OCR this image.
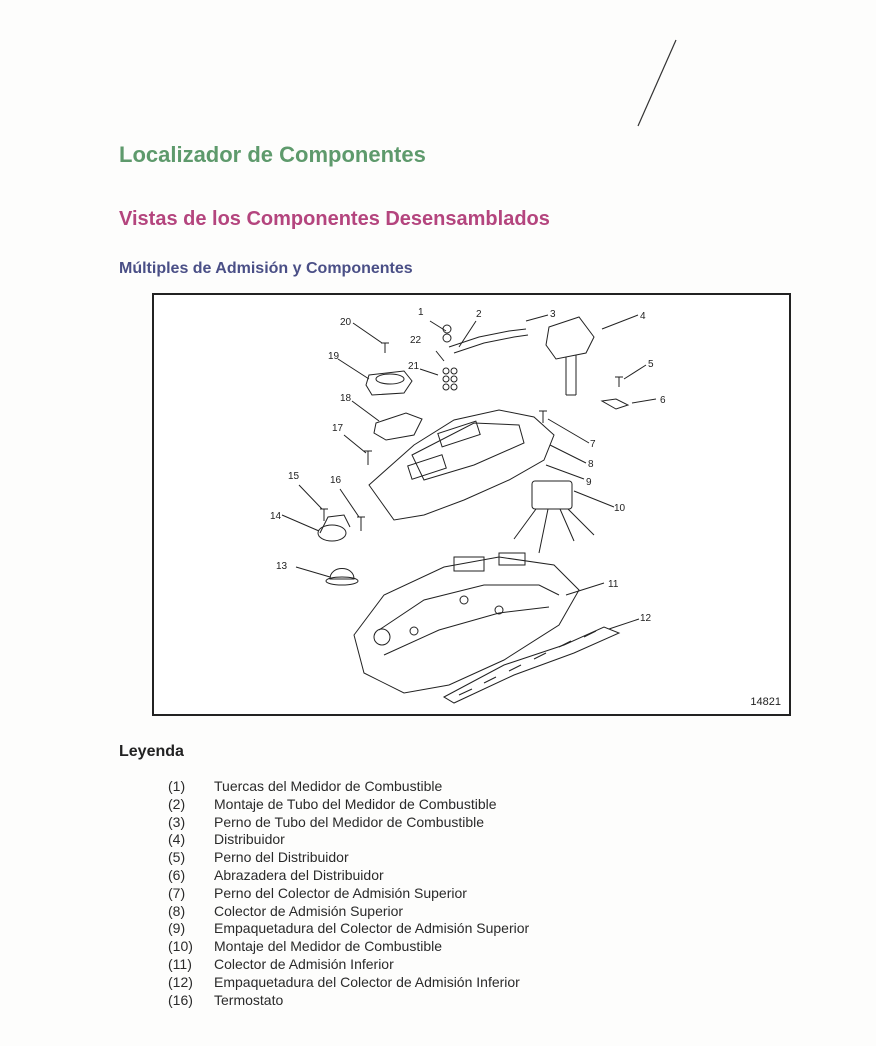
Localizador de Componentes
Vistas de los Componentes Desensamblados
Múltiples de Admisión y Componentes
1	2	3	4
5
6
7
8
9
10
11
12
13
14
15	16
17
18
19
20
21
22
14821
Leyenda
(1) Tuercas del Medidor de Combustible
(2) Montaje de Tubo del Medidor de Combustible
(3) Perno de Tubo del Medidor de Combustible
(4) Distribuidor
(5) Perno del Distribuidor
(6) Abrazadera del Distribuidor
(7) Perno del Colector de Admisión Superior
(8) Colector de Admisión Superior
(9) Empaquetadura del Colector de Admisión Superior
(10) Montaje del Medidor de Combustible
(11) Colector de Admisión Inferior
(12) Empaquetadura del Colector de Admisión Inferior
(16) Termostato
